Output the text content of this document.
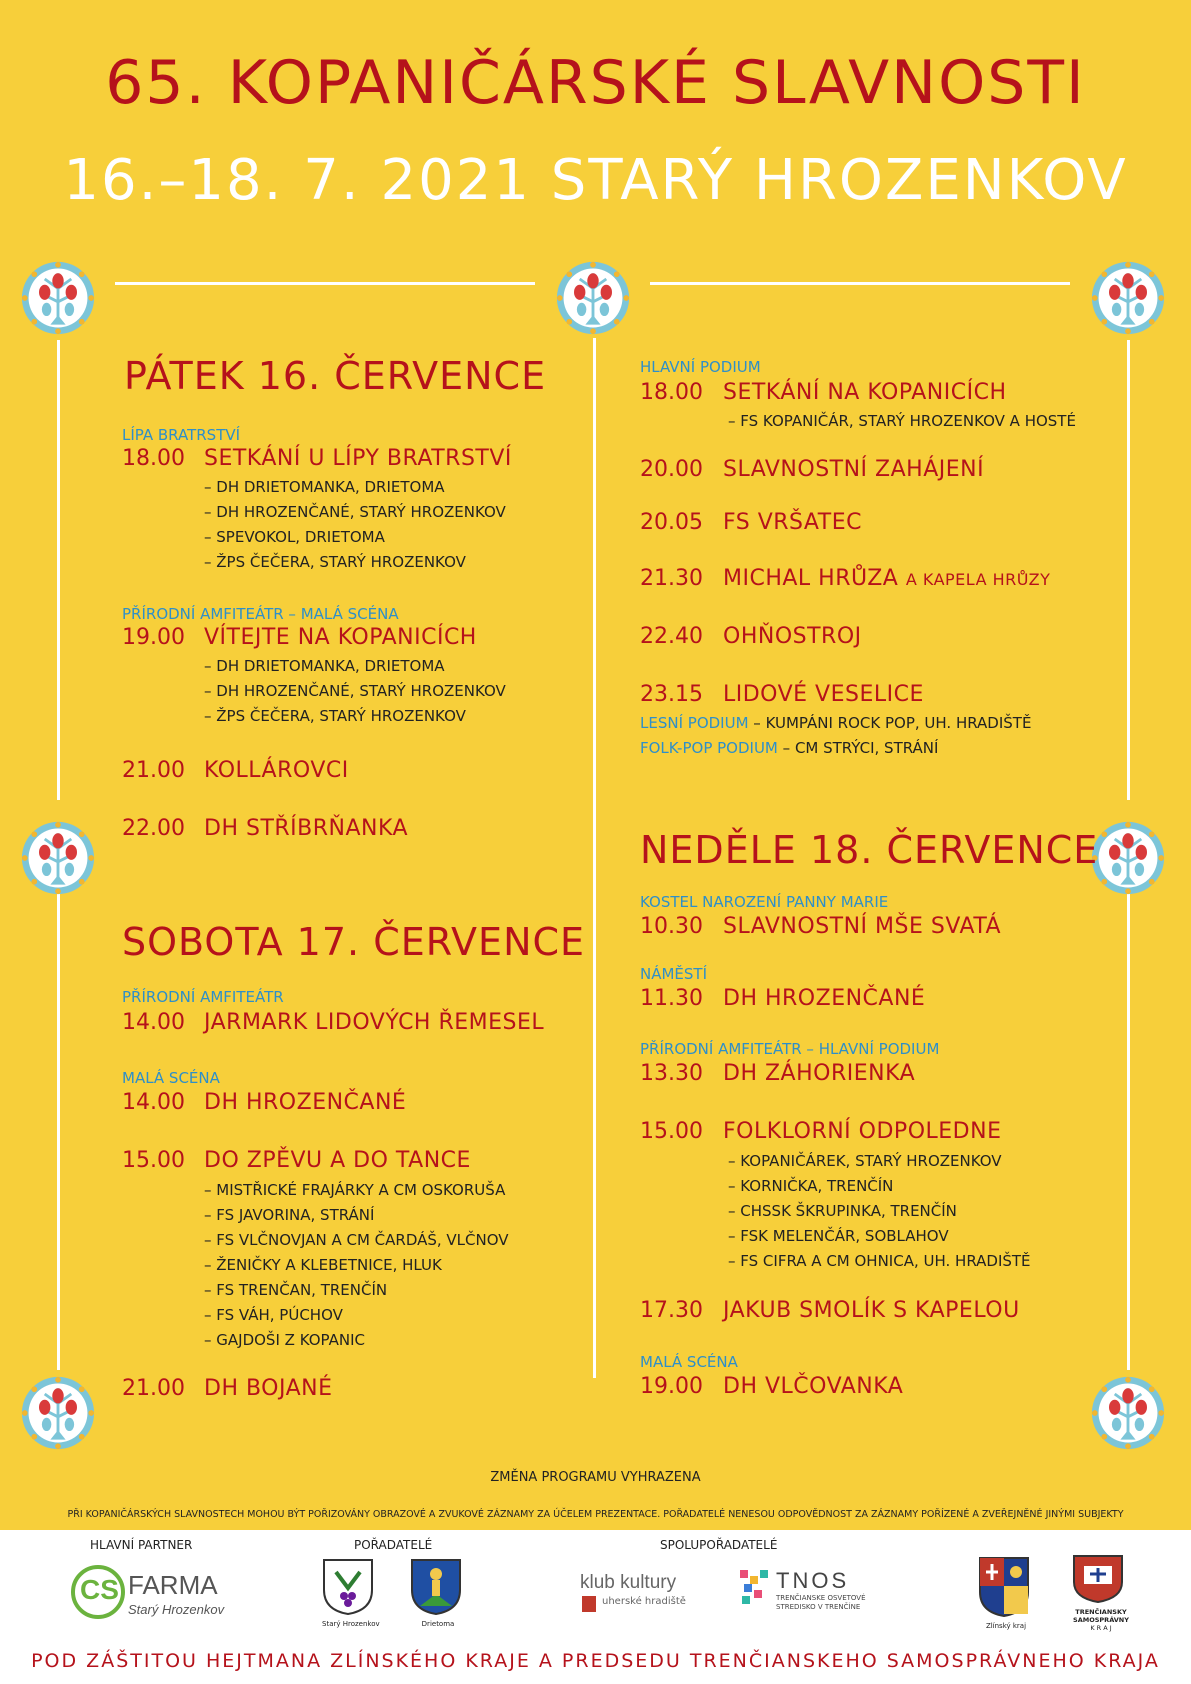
65. KOPANIČÁRSKÉ SLAVNOSTI
16.–18. 7. 2021 STARÝ HROZENKOV
PÁTEK 16. ČERVENCE
LÍPA BRATRSTVÍ
18.00 SETKÁNÍ U LÍPY BRATRSTVÍ
– DH DRIETOMANKA, DRIETOMA
– DH HROZENČANÉ, STARÝ HROZENKOV
– SPEVOKOL, DRIETOMA
– ŽPS ČEČERA, STARÝ HROZENKOV
PŘÍRODNÍ AMFITEÁTR – MALÁ SCÉNA
19.00 VÍTEJTE NA KOPANICÍCH
– DH DRIETOMANKA, DRIETOMA
– DH HROZENČANÉ, STARÝ HROZENKOV
– ŽPS ČEČERA, STARÝ HROZENKOV
21.00 KOLLÁROVCI
22.00 DH STŘÍBRŇANKA
SOBOTA 17. ČERVENCE
PŘÍRODNÍ AMFITEÁTR
14.00 JARMARK LIDOVÝCH ŘEMESEL
MALÁ SCÉNA
14.00 DH HROZENČANÉ
15.00 DO ZPĚVU A DO TANCE
– MISTŘICKÉ FRAJÁRKY A CM OSKORUŠA
– FS JAVORINA, STRÁNÍ
– FS VLČNOVJAN A CM ČARDÁŠ, VLČNOV
– ŽENIČKY A KLEBETNICE, HLUK
– FS TRENČAN, TRENČÍN
– FS VÁH, PÚCHOV
– GAJDOŠI Z KOPANIC
21.00 DH BOJANÉ
HLAVNÍ PODIUM
18.00 SETKÁNÍ NA KOPANICÍCH
– FS KOPANIČÁR, STARÝ HROZENKOV A HOSTÉ
20.00 SLAVNOSTNÍ ZAHÁJENÍ
20.05 FS VRŠATEC
21.30 MICHAL HRŮZA A KAPELA HRŮZY
22.40 OHŇOSTROJ
23.15 LIDOVÉ VESELICE
LESNÍ PODIUM – KUMPÁNI ROCK POP, UH. HRADIŠTĚ
FOLK-POP PODIUM – CM STRÝCI, STRÁNÍ
NEDĚLE 18. ČERVENCE
KOSTEL NAROZENÍ PANNY MARIE
10.30 SLAVNOSTNÍ MŠE SVATÁ
NÁMĚSTÍ
11.30 DH HROZENČANÉ
PŘÍRODNÍ AMFITEÁTR – HLAVNÍ PODIUM
13.30 DH ZÁHORIENKA
15.00 FOLKLORNÍ ODPOLEDNE
– KOPANIČÁREK, STARÝ HROZENKOV
– KORNIČKA, TRENČÍN
– CHSSK ŠKRUPINKA, TRENČÍN
– FSK MELENČÁR, SOBLAHOV
– FS CIFRA A CM OHNICA, UH. HRADIŠTĚ
17.30 JAKUB SMOLÍK S KAPELOU
MALÁ SCÉNA
19.00 DH VLČOVANKA
ZMĚNA PROGRAMU VYHRAZENA
PŘI KOPANIČÁRSKÝCH SLAVNOSTECH MOHOU BÝT POŘIZOVÁNY OBRAZOVÉ A ZVUKOVÉ ZÁZNAMY ZA ÚČELEM PREZENTACE. POŘADATELÉ NENESOU ODPOVĚDNOST ZA ZÁZNAMY POŘÍZENÉ A ZVEŘEJNĚNÉ JINÝMI SUBJEKTY
HLAVNÍ PARTNER	POŘADATELÉ	SPOLUPOŘADATELÉ
CS FARMA
Starý Hrozenkov
Starý Hrozenkov	Drietoma
klub kultury
uherské hradiště
TNOS
TRENČIANSKE OSVETOVÉ
STREDISKO V TRENČÍNE
Zlínský kraj
TRENČIANSKY
SAMOSPRÁVNY
K R A J
POD ZÁŠTITOU HEJTMANA ZLÍNSKÉHO KRAJE A PREDSEDU TRENČIANSKEHO SAMOSPRÁVNEHO KRAJA
